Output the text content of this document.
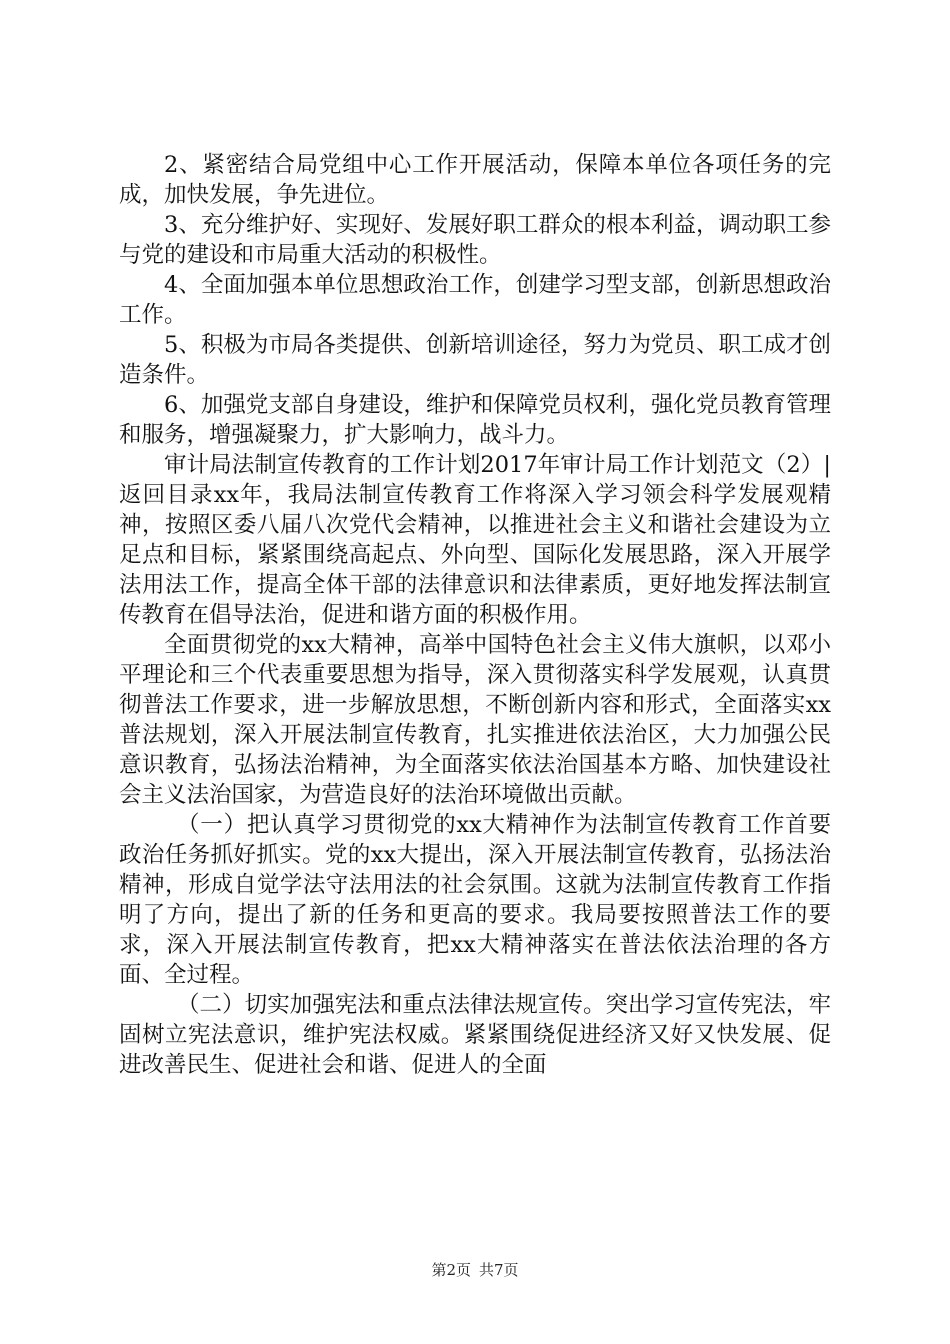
2、紧密结合局党组中心工作开展活动，保障本单位各项任务的完成，加快发展，争先进位。

3、充分维护好、实现好、发展好职工群众的根本利益，调动职工参与党的建设和市局重大活动的积极性。

4、全面加强本单位思想政治工作，创建学习型支部，创新思想政治工作。

5、积极为市局各类提供、创新培训途径，努力为党员、职工成才创造条件。

6、加强党支部自身建设，维护和保障党员权利，强化党员教育管理和服务，增强凝聚力，扩大影响力，战斗力。

审计局法制宣传教育的工作计划2017年审计局工作计划范文（2）|返回目录xx年，我局法制宣传教育工作将深入学习领会科学发展观精神，按照区委八届八次党代会精神，以推进社会主义和谐社会建设为立足点和目标，紧紧围绕高起点、外向型、国际化发展思路，深入开展学法用法工作，提高全体干部的法律意识和法律素质，更好地发挥法制宣传教育在倡导法治，促进和谐方面的积极作用。

全面贯彻党的xx大精神，高举中国特色社会主义伟大旗帜，以邓小平理论和三个代表重要思想为指导，深入贯彻落实科学发展观，认真贯彻普法工作要求，进一步解放思想，不断创新内容和形式，全面落实xx普法规划，深入开展法制宣传教育，扎实推进依法治区，大力加强公民意识教育，弘扬法治精神，为全面落实依法治国基本方略、加快建设社会主义法治国家，为营造良好的法治环境做出贡献。

（一）把认真学习贯彻党的xx大精神作为法制宣传教育工作首要政治任务抓好抓实。党的xx大提出，深入开展法制宣传教育，弘扬法治精神，形成自觉学法守法用法的社会氛围。这就为法制宣传教育工作指明了方向，提出了新的任务和更高的要求。我局要按照普法工作的要求，深入开展法制宣传教育，把xx大精神落实在普法依法治理的各方面、全过程。

（二）切实加强宪法和重点法律法规宣传。突出学习宣传宪法，牢固树立宪法意识，维护宪法权威。紧紧围绕促进经济又好又快发展、促进改善民生、促进社会和谐、促进人的全面

第2页 共7页
